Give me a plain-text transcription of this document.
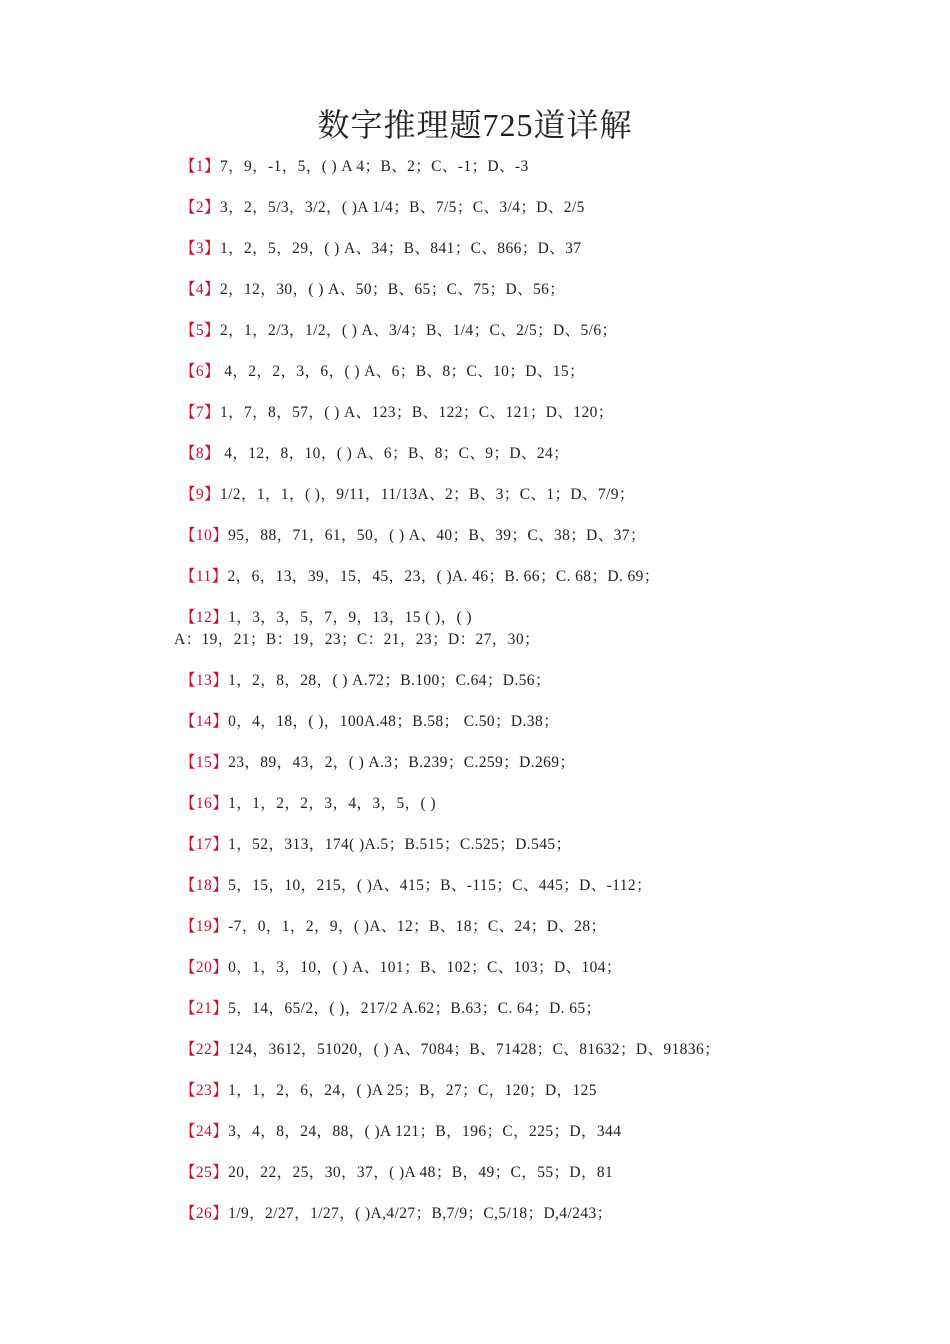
数字推理题725道详解
【1】7，9，-1，5，( ) A 4；B、2；C、-1；D、-3
【2】3，2，5/3，3/2，( )A 1/4；B、7/5；C、3/4；D、2/5
【3】1，2，5，29，( ) A、34；B、841；C、866；D、37
【4】2，12，30，( ) A、50；B、65；C、75；D、56；
【5】2，1，2/3，1/2，( ) A、3/4；B、1/4；C、2/5；D、5/6；
【6】 4，2，2，3，6，( ) A、6；B、8；C、10；D、15；
【7】1，7，8，57，( ) A、123；B、122；C、121；D、120；
【8】 4，12，8，10，( ) A、6；B、8；C、9；D、24；
【9】1/2，1，1，( )，9/11，11/13A、2；B、3；C、1；D、7/9；
【10】95，88，71，61，50，( ) A、40；B、39；C、38；D、37；
【11】2，6，13，39，15，45，23，( )A. 46；B. 66；C. 68；D. 69；
【12】1，3，3，5，7，9，13，15 ( )，( )
A：19，21；B：19，23；C：21，23；D：27，30；
【13】1，2，8，28，( ) A.72；B.100；C.64；D.56；
【14】0，4，18，( )，100A.48；B.58； C.50；D.38；
【15】23，89，43，2，( ) A.3；B.239；C.259；D.269；
【16】1，1，2，2，3，4，3，5，( )
【17】1，52，313，174( )A.5；B.515；C.525；D.545；
【18】5，15，10，215，( )A、415；B、-115；C、445；D、-112；
【19】-7，0，1，2，9，( )A、12；B、18；C、24；D、28；
【20】0，1，3，10，( ) A、101；B、102；C、103；D、104；
【21】5，14，65/2，( )，217/2 A.62；B.63；C. 64；D. 65；
【22】124，3612，51020，( ) A、7084；B、71428；C、81632；D、91836；
【23】1，1，2，6，24，( )A 25；B，27；C，120；D，125
【24】3，4，8，24，88，( )A 121；B，196；C，225；D，344
【25】20，22，25，30，37，( )A 48；B，49；C，55；D，81
【26】1/9，2/27，1/27，( )A,4/27；B,7/9；C,5/18；D,4/243；
